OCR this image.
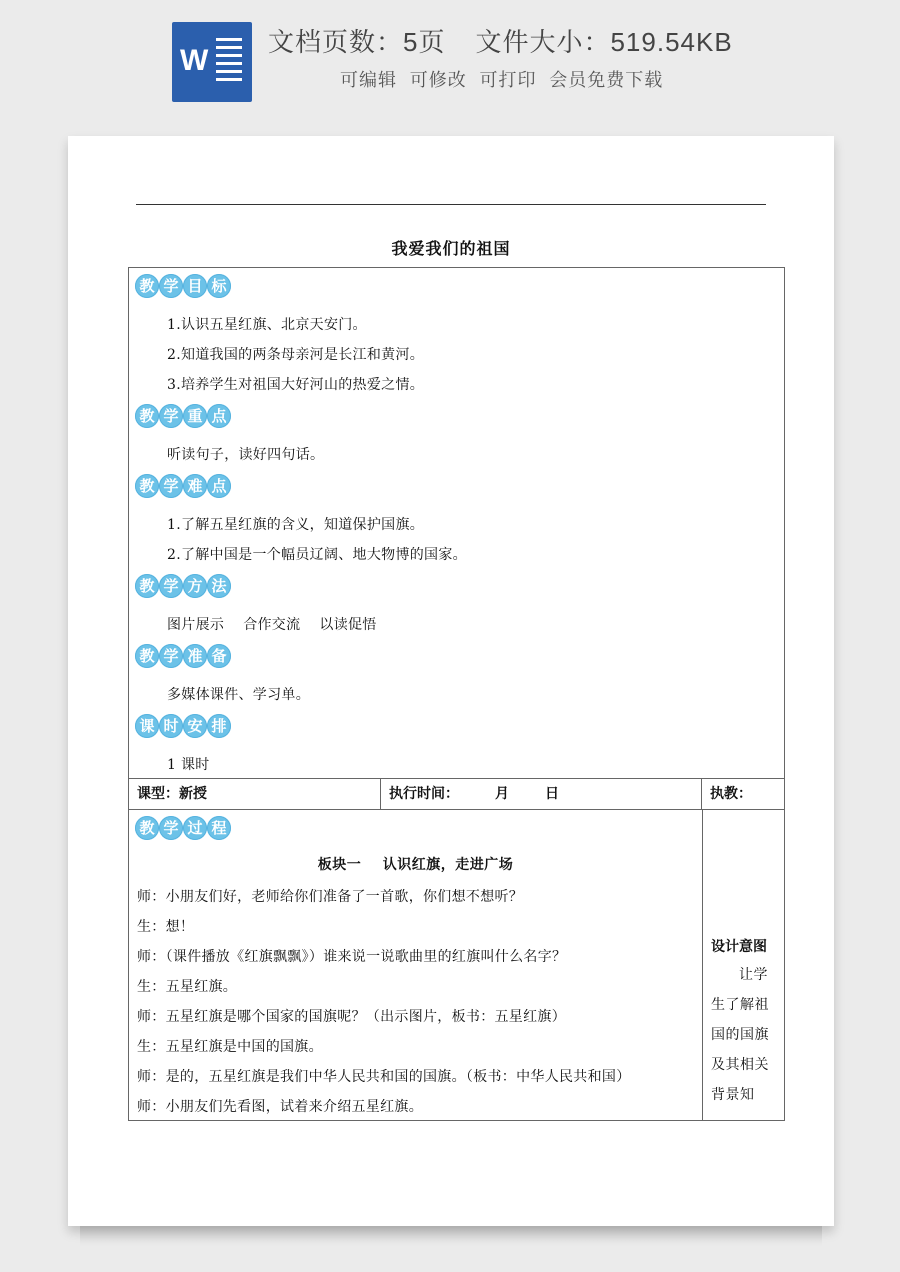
W
文档页数：5页 文件大小：519.54KB
可编辑 可修改 可打印 会员免费下载
我爱我们的祖国
教 学 目 标
1.认识五星红旗、北京天安门。
2.知道我国的两条母亲河是长江和黄河。
3.培养学生对祖国大好河山的热爱之情。
教 学 重 点
听读句子，读好四句话。
教 学 难 点
1.了解五星红旗的含义，知道保护国旗。
2.了解中国是一个幅员辽阔、地大物博的国家。
教 学 方 法
图片展示    合作交流    以读促悟
教 学 准 备
多媒体课件、学习单。
课 时 安 排
1 课时
课型：新授	执行时间：	月	日	执教：
教 学 过 程
板块一    认识红旗，走进广场
师：小朋友们好，老师给你们准备了一首歌，你们想不想听？
生：想！
师：（课件播放《红旗飘飘》）谁来说一说歌曲里的红旗叫什么名字？
生：五星红旗。
师：五星红旗是哪个国家的国旗呢？（出示图片，板书：五星红旗）
生：五星红旗是中国的国旗。
师：是的，五星红旗是我们中华人民共和国的国旗。（板书：中华人民共和国）
师：小朋友们先看图，试着来介绍五星红旗。
设计意图
让学生了解祖国的国旗及其相关背景知
